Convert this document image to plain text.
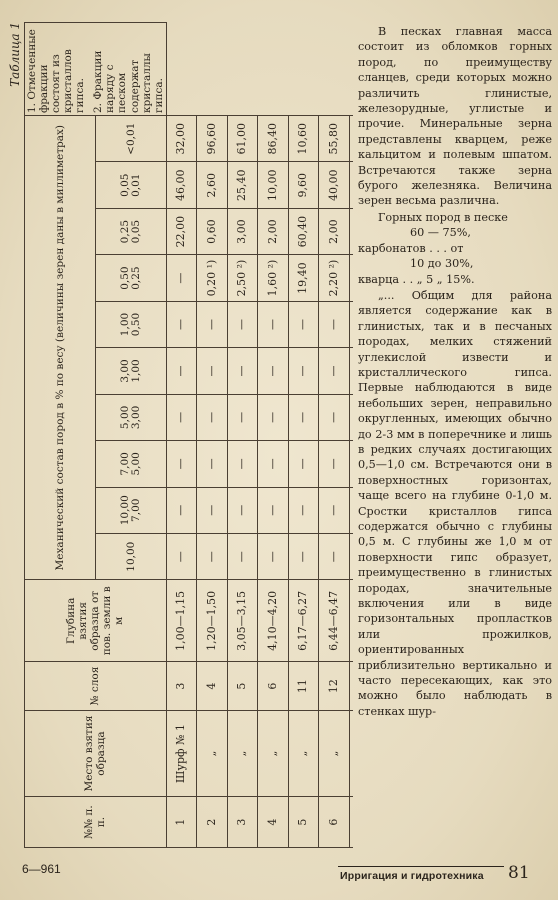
Таблица 1
№№ п. п.	Место взятия образца	№ слоя	Глубина взятия образца от пов. земли в м	Механический состав пород в % по весу (величины зерен даны в миллиметрах)										1. Отмеченные фракции состоят из кристаллов гипса. 2. Фракции наряду с песком содержат кристаллы гипса.

				10,00	10,00 7,00	7,00 5,00	5,00 3,00	3,00 1,00	1,00 0,50	0,50 0,25	0,25 0,05	0,05 0,01	<0,01	

1	Шурф № 1	3	1,00—1,15	—	—	—	—	—	—	—	22,00	46,00	32,00	
2	„	4	1,20—1,50	—	—	—	—	—	—	0,20 ¹)	0,60	2,60	96,60	
3	„	5	3,05—3,15	—	—	—	—	—	—	2,50 ²)	3,00	25,40	61,00	
4	„	6	4,10—4,20	—	—	—	—	—	—	1,60 ²)	2,00	10,00	86,40	
5	„	11	6,17—6,27	—	—	—	—	—	—	19,40	60,40	9,60	10,60	
6	„	12	6,44—6,47	—	—	—	—	—	—	2,20 ²)	2,00	40,00	55,80	

В песках главная масса состоит из обломков горных пород, по преимуществу сланцев, среди которых можно различить глинистые, железорудные, углистые и прочие. Минеральные зерна представлены кварцем, реже кальцитом и полевым шпатом. Встречаются также зерна бурого железняка. Величина зерен весьма различна.

Горных пород в песке
60 — 75%,
карбонатов . . . от
10 до 30%,
кварца . . „ 5 „ 15%.

„... Общим для района является содержание как в глинистых, так и в песчаных породах, мелких стяжений углекислой извести и кристаллического гипса. Первые наблюдаются в виде небольших зерен, неправильно округленных, имеющих обычно до 2-3 мм в поперечнике и лишь в редких случаях достигающих 0,5—1,0 см. Встречаются они в поверхностных горизонтах, чаще всего на глубине 0-1,0 м. Сростки кристаллов гипса содержатся обычно с глубины 0,5 м. С глубины же 1,0 м от поверхности гипс образует, преимущественно в глинистых породах, значительные включения или в виде горизонтальных пропластков или прожилков, ориентированных приблизительно вертикально и часто пересекающих, как это можно было наблюдать в стенках шур-

6—961	Ирригация и гидротехника 81
